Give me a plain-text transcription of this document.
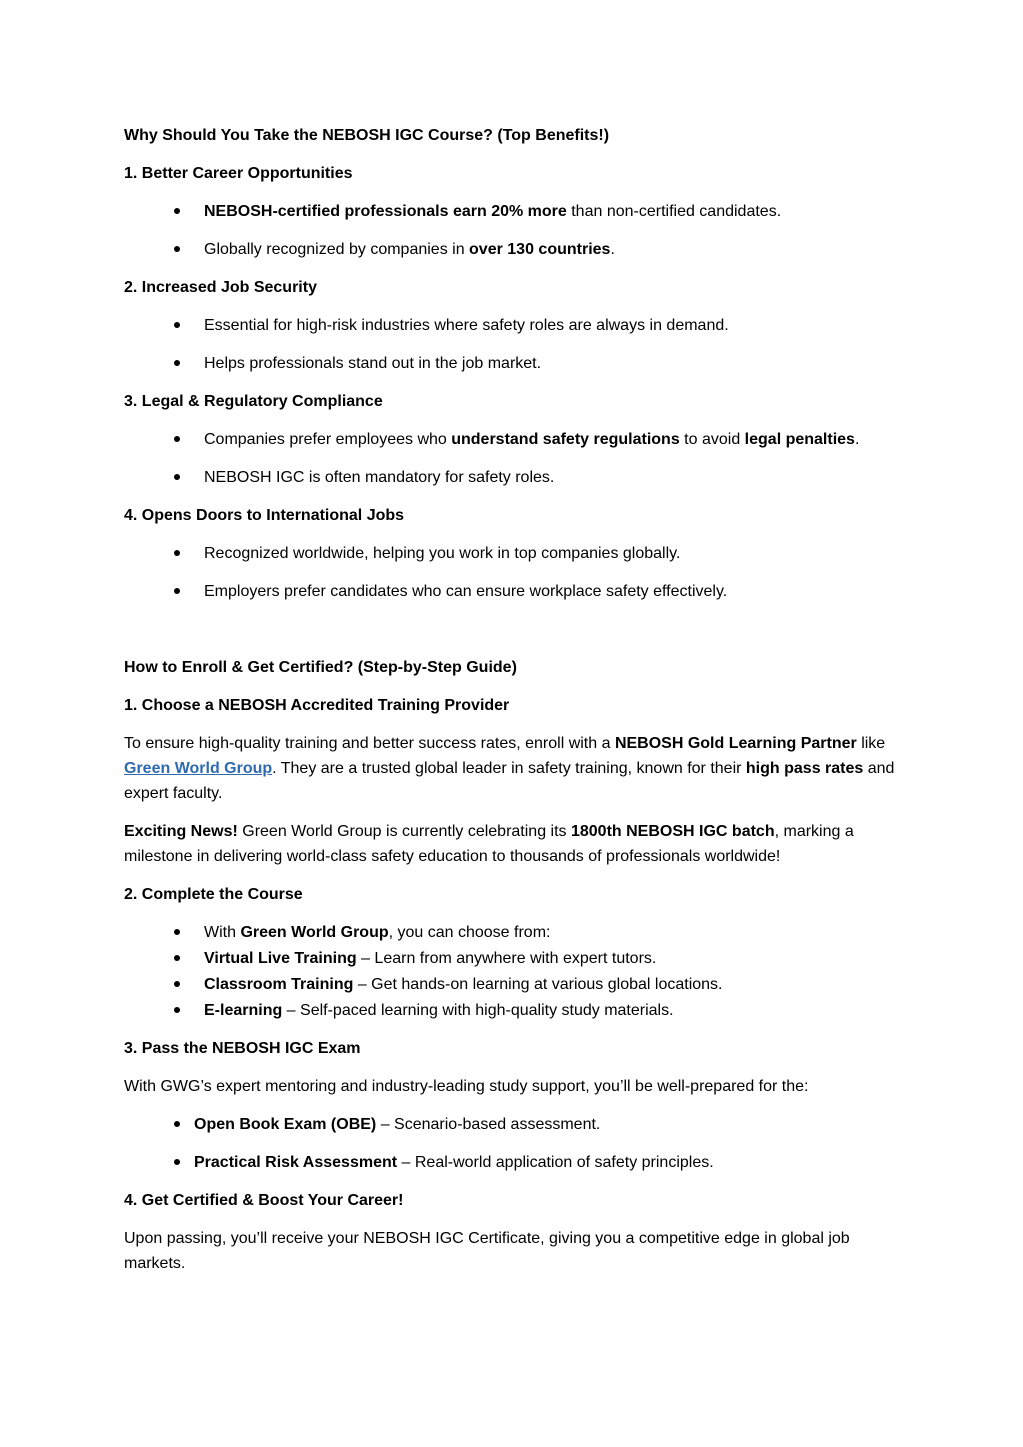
Why Should You Take the NEBOSH IGC Course? (Top Benefits!)
1. Better Career Opportunities
NEBOSH-certified professionals earn 20% more than non-certified candidates.
Globally recognized by companies in over 130 countries.
2. Increased Job Security
Essential for high-risk industries where safety roles are always in demand.
Helps professionals stand out in the job market.
3. Legal & Regulatory Compliance
Companies prefer employees who understand safety regulations to avoid legal penalties.
NEBOSH IGC is often mandatory for safety roles.
4. Opens Doors to International Jobs
Recognized worldwide, helping you work in top companies globally.
Employers prefer candidates who can ensure workplace safety effectively.
How to Enroll & Get Certified? (Step-by-Step Guide)
1. Choose a NEBOSH Accredited Training Provider
To ensure high-quality training and better success rates, enroll with a NEBOSH Gold Learning Partner like Green World Group. They are a trusted global leader in safety training, known for their high pass rates and expert faculty.
Exciting News! Green World Group is currently celebrating its 1800th NEBOSH IGC batch, marking a milestone in delivering world-class safety education to thousands of professionals worldwide!
2. Complete the Course
With Green World Group, you can choose from:
Virtual Live Training – Learn from anywhere with expert tutors.
Classroom Training – Get hands-on learning at various global locations.
E-learning – Self-paced learning with high-quality study materials.
3. Pass the NEBOSH IGC Exam
With GWG’s expert mentoring and industry-leading study support, you’ll be well-prepared for the:
Open Book Exam (OBE) – Scenario-based assessment.
Practical Risk Assessment – Real-world application of safety principles.
4. Get Certified & Boost Your Career!
Upon passing, you’ll receive your NEBOSH IGC Certificate, giving you a competitive edge in global job markets.
